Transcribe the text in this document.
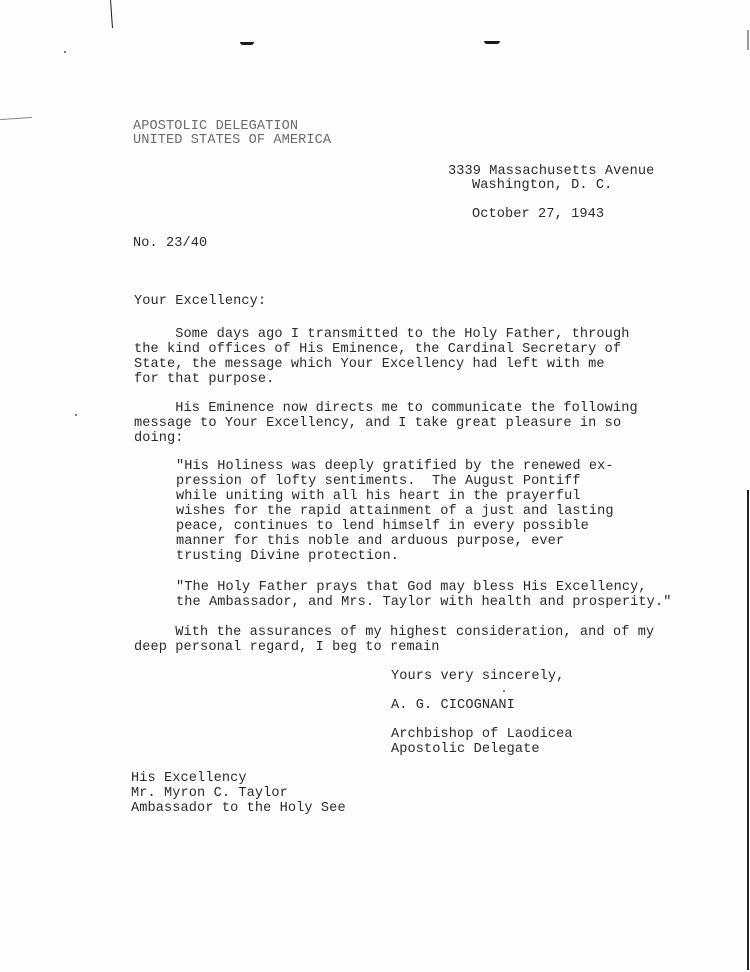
APOSTOLIC DELEGATION
UNITED STATES OF AMERICA
3339 Massachusetts Avenue
Washington, D. C.
October 27, 1943
No. 23/40
Your Excellency:
Some days ago I transmitted to the Holy Father, through
the kind offices of His Eminence, the Cardinal Secretary of
State, the message which Your Excellency had left with me
for that purpose.
His Eminence now directs me to communicate the following
message to Your Excellency, and I take great pleasure in so
doing:
"His Holiness was deeply gratified by the renewed ex-
pression of lofty sentiments.  The August Pontiff
while uniting with all his heart in the prayerful
wishes for the rapid attainment of a just and lasting
peace, continues to lend himself in every possible
manner for this noble and arduous purpose, ever
trusting Divine protection.
"The Holy Father prays that God may bless His Excellency,
the Ambassador, and Mrs. Taylor with health and prosperity."
With the assurances of my highest consideration, and of my
deep personal regard, I beg to remain
Yours very sincerely,
A. G. CICOGNANI
Archbishop of Laodicea
Apostolic Delegate
His Excellency
Mr. Myron C. Taylor
Ambassador to the Holy See
